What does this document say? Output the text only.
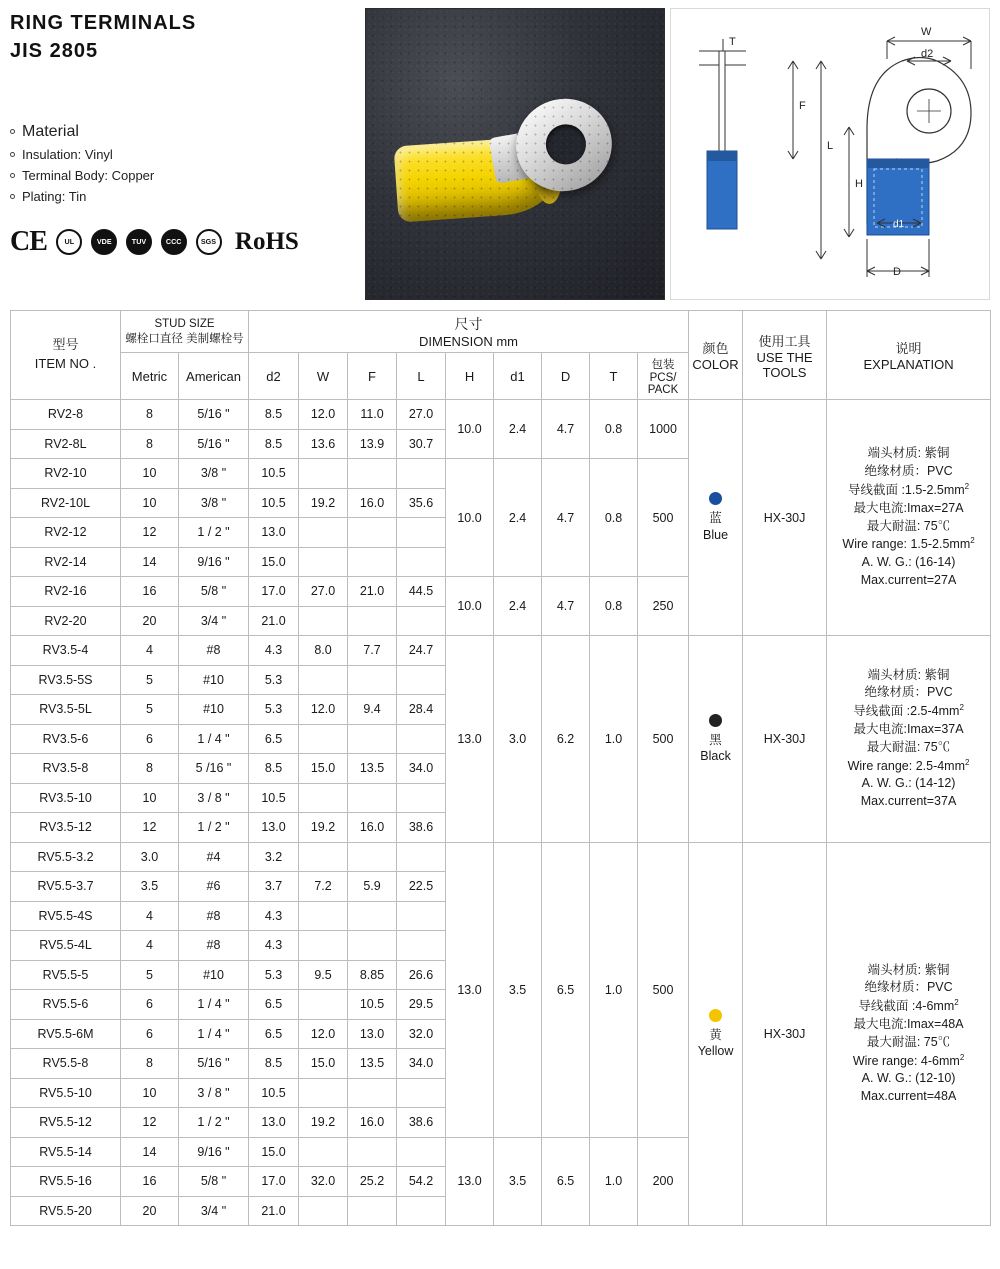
RING TERMINALS
JIS 2805
Material
Insulation: Vinyl
Terminal Body: Copper
Plating: Tin
CE UL	VDE	TUV CCC SGS RoHS
T
F
L
W
d2
H
d1
D
型号
ITEM NO .

STUD SIZE
螺栓口直径 美制螺栓号

尺寸
DIMENSION mm	颜色
COLOR

使用工具
USE THE
TOOLS

说明
EXPLANATION

	Metric	American	d2	W	F	L	H	d1	D	T	包装
PCS/
PACK			

RV2-8	8	5/16 "	8.5	12.0	11.0	27.0	10.0	2.4	4.7	0.8	1000	
蓝
Blue
	HX-30J	
端头材质: 紫铜
绝缘材质：PVC
导线截面 $:1.5-2.5mm^2$
最大电流:Imax=27A
最大耐温: 75℃
Wire range: $1.5-2.5mm^2$
A. W. G.: (16-14)
Max.current=27A

RV2-8L	8	5/16 "	8.5	13.6	13.9	30.7								
RV2-10	10	3/8 "	10.5				10.0	2.4	4.7	0.8	500			
RV2-10L	10	3/8 "	10.5	19.2	16.0	35.6								
RV2-12	12	1 / 2 "	13.0											
RV2-14	14	9/16 "	15.0											
RV2-16	16	5/8 "	17.0	27.0	21.0	44.5	10.0	2.4	4.7	0.8	250			
RV2-20	20	3/4 "	21.0											
RV3.5-4	4	#8	4.3	8.0	7.7	24.7	13.0	3.0	6.2	1.0	500	黑
Black
	HX-30J	
端头材质: 紫铜
绝缘材质：PVC
导线截面 $:2.5-4mm^2$
最大电流:Imax=37A
最大耐温: 75℃
Wire range: $2.5-4mm^2$
A. W. G.: (14-12)
Max.current=37A

RV3.5-5S	5	#10	5.3											
RV3.5-5L	5	#10	5.3	12.0	9.4	28.4								
RV3.5-6	6	1 / 4 "	6.5											
RV3.5-8	8	5 /16 "	8.5	15.0	13.5	34.0								
RV3.5-10	10	3 / 8 "	10.5											
RV3.5-12	12	1 / 2 "	13.0	19.2	16.0	38.6								
RV5.5-3.2	3.0	#4	3.2				13.0	3.5	6.5	1.0	500	
黄
Yellow
	HX-30J	
端头材质: 紫铜
绝缘材质：PVC
导线截面 $:4-6mm^2$
最大电流:Imax=48A
最大耐温: 75℃
Wire range: $4-6mm^2$
A. W. G.: (12-10)
Max.current=48A

RV5.5-3.7	3.5	#6	3.7	7.2	5.9	22.5								
RV5.5-4S	4	#8	4.3											
RV5.5-4L	4	#8	4.3											
RV5.5-5	5	#10	5.3	9.5	8.85	26.6								
RV5.5-6	6	1 / 4 "	6.5		10.5	29.5								
RV5.5-6M	6	1 / 4 "	6.5	12.0	13.0	32.0								
RV5.5-8	8	5/16 "	8.5	15.0	13.5	34.0								
RV5.5-10	10	3 / 8 "	10.5											
RV5.5-12	12	1 / 2 "	13.0	19.2	16.0	38.6								
RV5.5-14	14	9/16 "	15.0				13.0	3.5	6.5	1.0	200			
RV5.5-16	16	5/8 "	17.0	32.0	25.2	54.2								
RV5.5-20	20	3/4 "	21.0											
